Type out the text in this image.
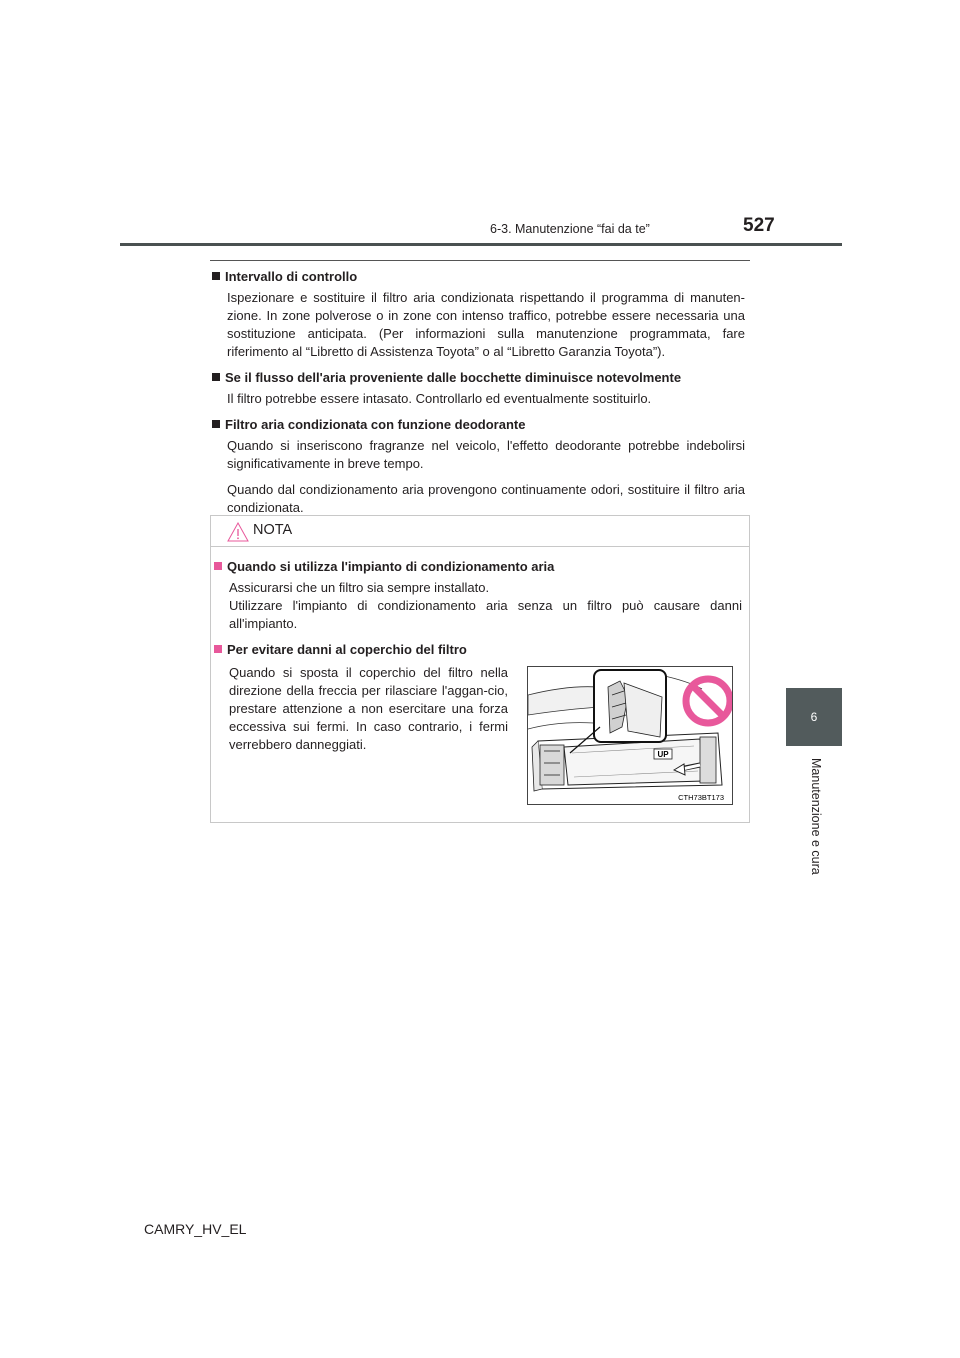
6-3. Manutenzione “fai da te”	527
6
Manutenzione e cura

Intervallo di controllo

Ispezionare e sostituire il filtro aria condizionata rispettando il programma di manuten-zione. In zone polverose o in zone con intenso traffico, potrebbe essere necessaria una sostituzione anticipata. (Per informazioni sulla manutenzione programmata, fare riferimento al “Libretto di Assistenza Toyota” o al “Libretto Garanzia Toyota”).

Se il flusso dell'aria proveniente dalle bocchette diminuisce notevolmente

Il filtro potrebbe essere intasato. Controllarlo ed eventualmente sostituirlo.

Filtro aria condizionata con funzione deodorante

Quando si inseriscono fragranze nel veicolo, l'effetto deodorante potrebbe indebolirsi significativamente in breve tempo.

Quando dal condizionamento aria provengono continuamente odori, sostituire il filtro aria condizionata.

NOTA

Quando si utilizza l'impianto di condizionamento aria

Assicurarsi che un filtro sia sempre installato.

Utilizzare l'impianto di condizionamento aria senza un filtro può causare danni all'impianto.

Per evitare danni al coperchio del filtro

Quando si sposta il coperchio del filtro nella direzione della freccia per rilasciare l'aggan-cio, prestare attenzione a non esercitare una forza eccessiva sui fermi. In caso contrario, i fermi verrebbero danneggiati.
UP
CTH73BT173
CAMRY_HV_EL
